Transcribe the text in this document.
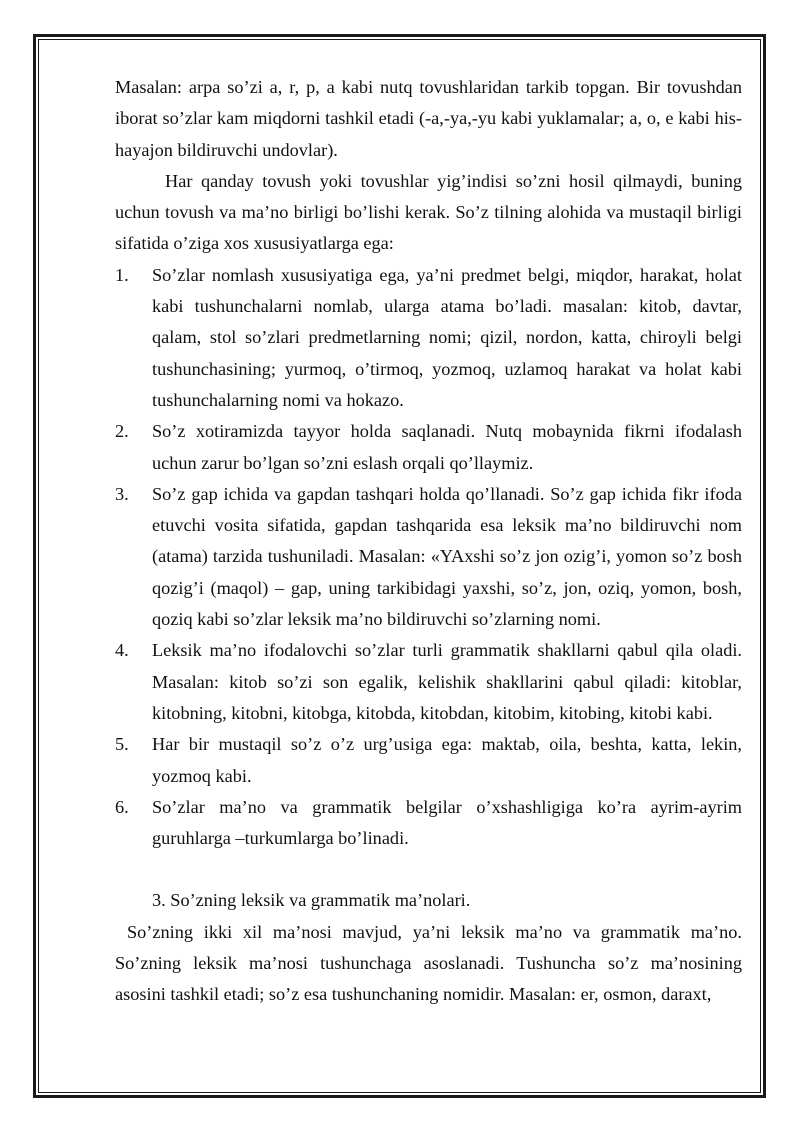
Masalan: arpa so’zi a, r, p, a kabi nutq tovushlaridan tarkib topgan. Bir tovushdan iborat so’zlar kam miqdorni tashkil etadi (-a,-ya,-yu kabi yuklamalar; a, o, e kabi his-hayajon bildiruvchi undovlar).

Har qanday tovush yoki tovushlar yig’indisi so’zni hosil qilmaydi, buning uchun tovush va ma’no birligi bo’lishi kerak. So’z tilning alohida va mustaqil birligi sifatida o’ziga xos xususiyatlarga ega:

1. So’zlar nomlash xususiyatiga ega, ya’ni predmet belgi, miqdor, harakat, holat kabi tushunchalarni nomlab, ularga atama bo’ladi. masalan: kitob, davtar, qalam, stol so’zlari predmetlarning nomi; qizil, nordon, katta, chiroyli belgi tushunchasining; yurmoq, o’tirmoq, yozmoq, uzlamoq harakat va holat kabi tushunchalarning nomi va hokazo.
2. So’z xotiramizda tayyor holda saqlanadi. Nutq mobaynida fikrni ifodalash uchun zarur bo’lgan so’zni eslash orqali qo’llaymiz.
3. So’z gap ichida va gapdan tashqari holda qo’llanadi. So’z gap ichida fikr ifoda etuvchi vosita sifatida, gapdan tashqarida esa leksik ma’no bildiruvchi nom (atama) tarzida tushuniladi. Masalan: «YAxshi so’z jon ozig’i, yomon so’z bosh qozig’i (maqol) – gap, uning tarkibidagi yaxshi, so’z, jon, oziq, yomon, bosh, qoziq kabi so’zlar leksik ma’no bildiruvchi so’zlarning nomi.
4. Leksik ma’no ifodalovchi so’zlar turli grammatik shakllarni qabul qila oladi. Masalan: kitob so’zi son egalik, kelishik shakllarini qabul qiladi: kitoblar, kitobning, kitobni, kitobga, kitobda, kitobdan, kitobim, kitobing, kitobi kabi.
5. Har bir mustaqil so’z o’z urg’usiga ega: maktab, oila, beshta, katta, lekin, yozmoq kabi.
6. So’zlar ma’no va grammatik belgilar o’xshashligiga ko’ra ayrim-ayrim guruhlarga –turkumlarga bo’linadi.

3. So’zning leksik va grammatik ma’nolari.

So’zning ikki xil ma’nosi mavjud, ya’ni leksik ma’no va grammatik ma’no. So’zning leksik ma’nosi tushunchaga asoslanadi. Tushuncha so’z ma’nosining asosini tashkil etadi; so’z esa tushunchaning nomidir. Masalan: er, osmon, daraxt,
